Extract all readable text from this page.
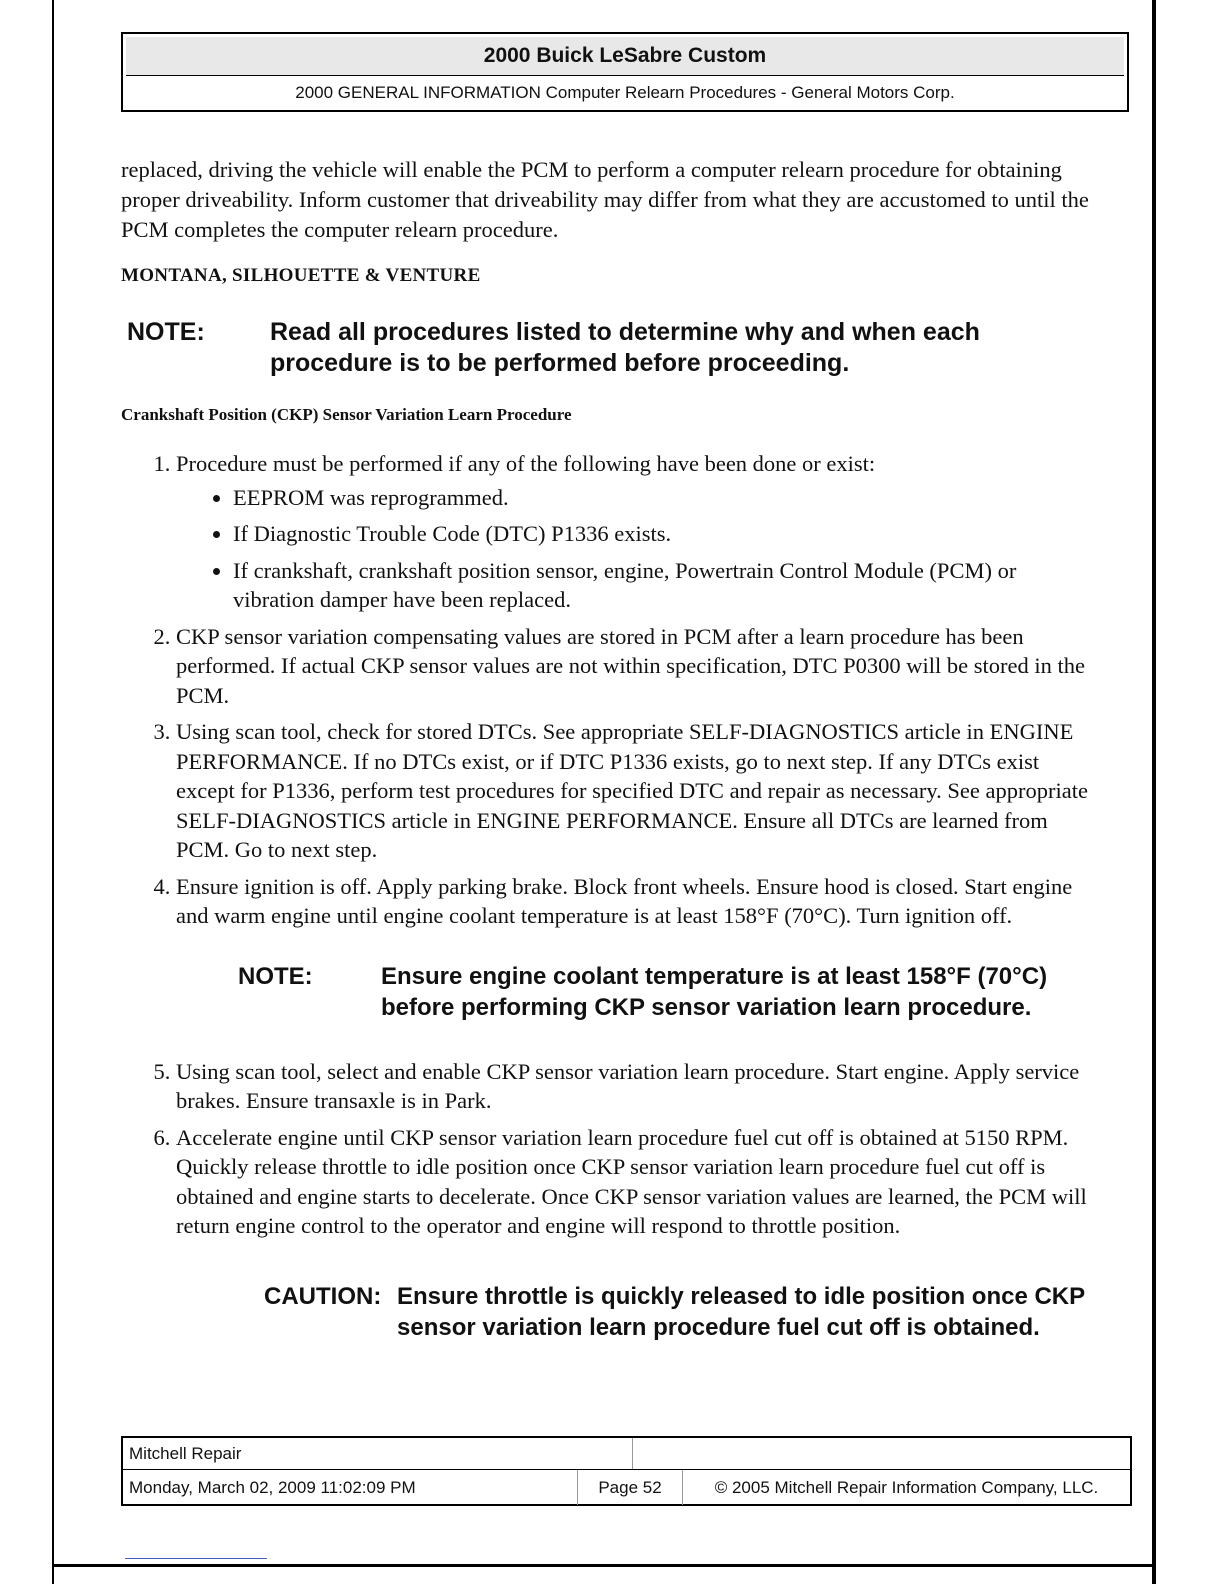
2000 Buick LeSabre Custom
2000 GENERAL INFORMATION Computer Relearn Procedures - General Motors Corp.

replaced, driving the vehicle will enable the PCM to perform a computer relearn procedure for obtaining proper driveability. Inform customer that driveability may differ from what they are accustomed to until the PCM completes the computer relearn procedure.

MONTANA, SILHOUETTE & VENTURE
NOTE:	Read all procedures listed to determine why and when each procedure is to be performed before proceeding.
Crankshaft Position (CKP) Sensor Variation Learn Procedure
1. Procedure must be performed if any of the following have been done or exist:
• EEPROM was reprogrammed.
• If Diagnostic Trouble Code (DTC) P1336 exists.
• If crankshaft, crankshaft position sensor, engine, Powertrain Control Module (PCM) or vibration damper have been replaced.
2. CKP sensor variation compensating values are stored in PCM after a learn procedure has been performed. If actual CKP sensor values are not within specification, DTC P0300 will be stored in the PCM.
3. Using scan tool, check for stored DTCs. See appropriate SELF-DIAGNOSTICS article in ENGINE PERFORMANCE. If no DTCs exist, or if DTC P1336 exists, go to next step. If any DTCs exist except for P1336, perform test procedures for specified DTC and repair as necessary. See appropriate SELF-DIAGNOSTICS article in ENGINE PERFORMANCE. Ensure all DTCs are learned from PCM. Go to next step.
4. Ensure ignition is off. Apply parking brake. Block front wheels. Ensure hood is closed. Start engine and warm engine until engine coolant temperature is at least 158°F (70°C). Turn ignition off.
NOTE:	Ensure engine coolant temperature is at least 158°F (70°C) before performing CKP sensor variation learn procedure.
5. Using scan tool, select and enable CKP sensor variation learn procedure. Start engine. Apply service brakes. Ensure transaxle is in Park.
6. Accelerate engine until CKP sensor variation learn procedure fuel cut off is obtained at 5150 RPM. Quickly release throttle to idle position once CKP sensor variation learn procedure fuel cut off is obtained and engine starts to decelerate. Once CKP sensor variation values are learned, the PCM will return engine control to the operator and engine will respond to throttle position.
CAUTION: Ensure throttle is quickly released to idle position once CKP sensor variation learn procedure fuel cut off is obtained.
Mitchell Repair
Monday, March 02, 2009 11:02:09 PM	Page 52	© 2005 Mitchell Repair Information Company, LLC.
